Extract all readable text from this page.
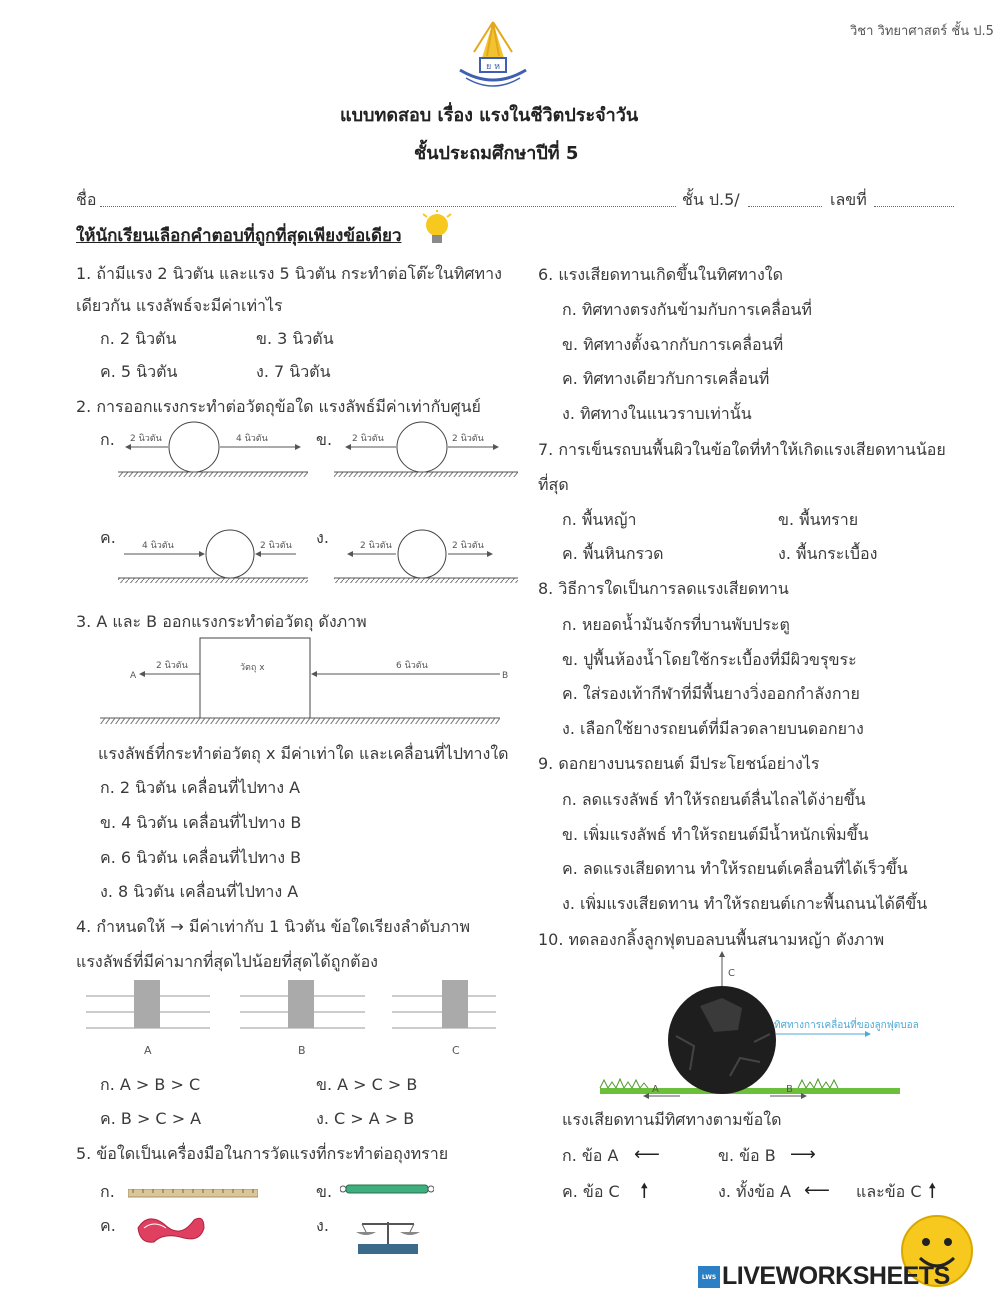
วิชา วิทยาศาสตร์ ชั้น ป.5
ย ห
แบบทดสอบ เรื่อง แรงในชีวิตประจำวัน
ชั้นประถมศึกษาปีที่ 5
ชื่อ	ชั้น ป.5/	เลขที่
ให้นักเรียนเลือกคำตอบที่ถูกที่สุดเพียงข้อเดียว
1. ถ้ามีแรง 2 นิวตัน และแรง 5 นิวตัน กระทำต่อโต๊ะในทิศทาง
เดียวกัน แรงลัพธ์จะมีค่าเท่าไร
ก. 2 นิวตัน	ข. 3 นิวตัน
ค. 5 นิวตัน	ง. 7 นิวตัน
2. การออกแรงกระทำต่อวัตถุข้อใด แรงลัพธ์มีค่าเท่ากับศูนย์
ก.	ข.
ค.	ง.
2 นิวตัน	4 นิวตัน	2 นิวตัน	2 นิวตัน
4 นิวตัน	2 นิวตัน	2 นิวตัน	2 นิวตัน
3. A และ B ออกแรงกระทำต่อวัตถุ ดังภาพ
วัตถุ x
A	B
2 นิวตัน	6 นิวตัน
แรงลัพธ์ที่กระทำต่อวัตถุ x มีค่าเท่าใด และเคลื่อนที่ไปทางใด
ก. 2 นิวตัน เคลื่อนที่ไปทาง A
ข. 4 นิวตัน เคลื่อนที่ไปทาง B
ค. 6 นิวตัน เคลื่อนที่ไปทาง B
ง. 8 นิวตัน เคลื่อนที่ไปทาง A
4. กำหนดให้ → มีค่าเท่ากับ 1 นิวตัน ข้อใดเรียงลำดับภาพ
แรงลัพธ์ที่มีค่ามากที่สุดไปน้อยที่สุดได้ถูกต้อง
A	B	C
ก. A > B > C	ข. A > C > B
ค. B > C > A	ง. C > A > B
5. ข้อใดเป็นเครื่องมือในการวัดแรงที่กระทำต่อถุงทราย
ก.	ข.
ค.	ง.
6. แรงเสียดทานเกิดขึ้นในทิศทางใด
ก. ทิศทางตรงกันข้ามกับการเคลื่อนที่
ข. ทิศทางตั้งฉากกับการเคลื่อนที่
ค. ทิศทางเดียวกับการเคลื่อนที่
ง. ทิศทางในแนวราบเท่านั้น
7. การเข็นรถบนพื้นผิวในข้อใดที่ทำให้เกิดแรงเสียดทานน้อย
ที่สุด
ก. พื้นหญ้า	ข. พื้นทราย
ค. พื้นหินกรวด	ง. พื้นกระเบื้อง
8. วิธีการใดเป็นการลดแรงเสียดทาน
ก. หยอดน้ำมันจักรที่บานพับประตู
ข. ปูพื้นห้องน้ำโดยใช้กระเบื้องที่มีผิวขรุขระ
ค. ใส่รองเท้ากีฬาที่มีพื้นยางวิ่งออกกำลังกาย
ง. เลือกใช้ยางรถยนต์ที่มีลวดลายบนดอกยาง
9. ดอกยางบนรถยนต์ มีประโยชน์อย่างไร
ก. ลดแรงลัพธ์ ทำให้รถยนต์ลื่นไถลได้ง่ายขึ้น
ข. เพิ่มแรงลัพธ์ ทำให้รถยนต์มีน้ำหนักเพิ่มขึ้น
ค. ลดแรงเสียดทาน ทำให้รถยนต์เคลื่อนที่ได้เร็วขึ้น
ง. เพิ่มแรงเสียดทาน ทำให้รถยนต์เกาะพื้นถนนได้ดีขึ้น
10. ทดลองกลิ้งลูกฟุตบอลบนพื้นสนามหญ้า ดังภาพ
C
ทิศทางการเคลื่อนที่ของลูกฟุตบอล
A	B
แรงเสียดทานมีทิศทางตามข้อใด
ก. ข้อ A ⟵	ข. ข้อ B ⟶
ค. ข้อ C 🠕	ง. ทั้งข้อ A ⟵ และข้อ C 🠕
LWS LIVEWORKSHEETS
